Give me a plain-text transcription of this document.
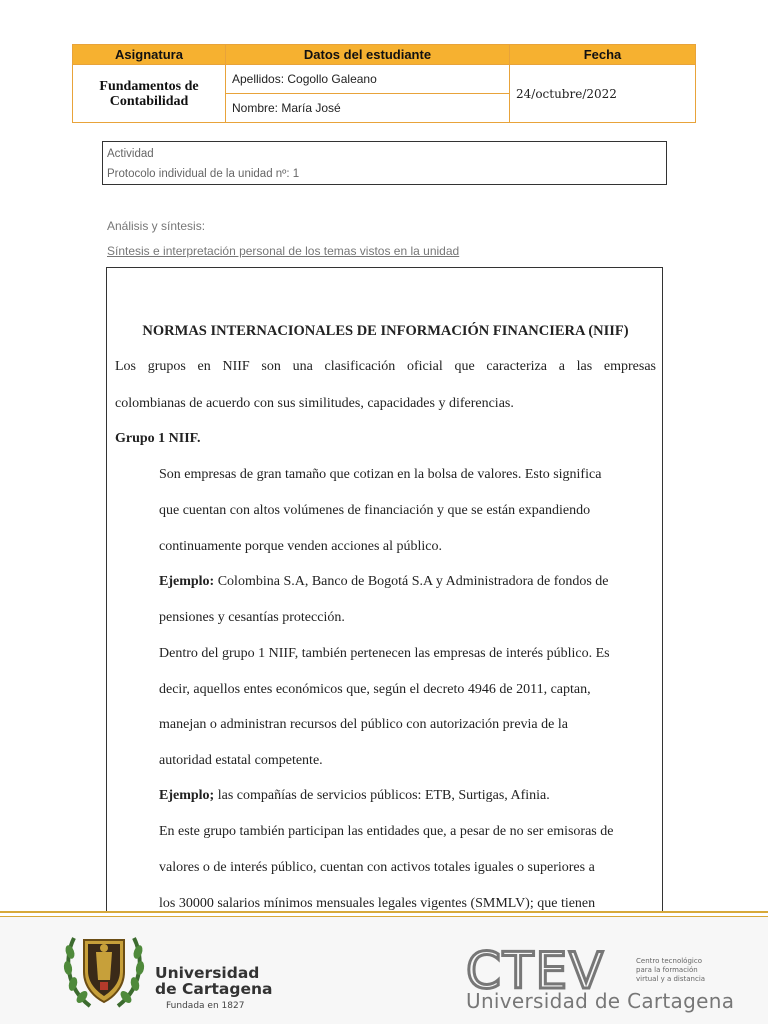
Asignatura	Datos del estudiante	Fecha

Fundamentos de
Contabilidad	Apellidos: Cogollo Galeano	24/octubre/2022
	Nombre: María José	
Actividad
Protocolo individual de la unidad nº: 1
Análisis y síntesis:
Síntesis e interpretación personal de los temas vistos en la unidad
NORMAS INTERNACIONALES DE INFORMACIÓN FINANCIERA (NIIF)
Los grupos en NIIF son una clasificación oficial que caracteriza a las empresas
colombianas de acuerdo con sus similitudes, capacidades y diferencias.
Grupo 1 NIIF.
Son empresas de gran tamaño que cotizan en la bolsa de valores. Esto significa
que cuentan con altos volúmenes de financiación y que se están expandiendo
continuamente porque venden acciones al público.
Ejemplo: Colombina S.A, Banco de Bogotá S.A y Administradora de fondos de
pensiones y cesantías protección.
Dentro del grupo 1 NIIF, también pertenecen las empresas de interés público. Es
decir, aquellos entes económicos que, según el decreto 4946 de 2011, captan,
manejan o administran recursos del público con autorización previa de la
autoridad estatal competente.
Ejemplo; las compañías de servicios públicos: ETB, Surtigas, Afinia.
En este grupo también participan las entidades que, a pesar de no ser emisoras de
valores o de interés público, cuentan con activos totales iguales o superiores a
los 30000 salarios mínimos mensuales legales vigentes (SMMLV); que tienen
Universidad
de Cartagena
Fundada en 1827
CTEV	Centro tecnológico
para la formación
virtual y a distancia
Universidad de Cartagena
